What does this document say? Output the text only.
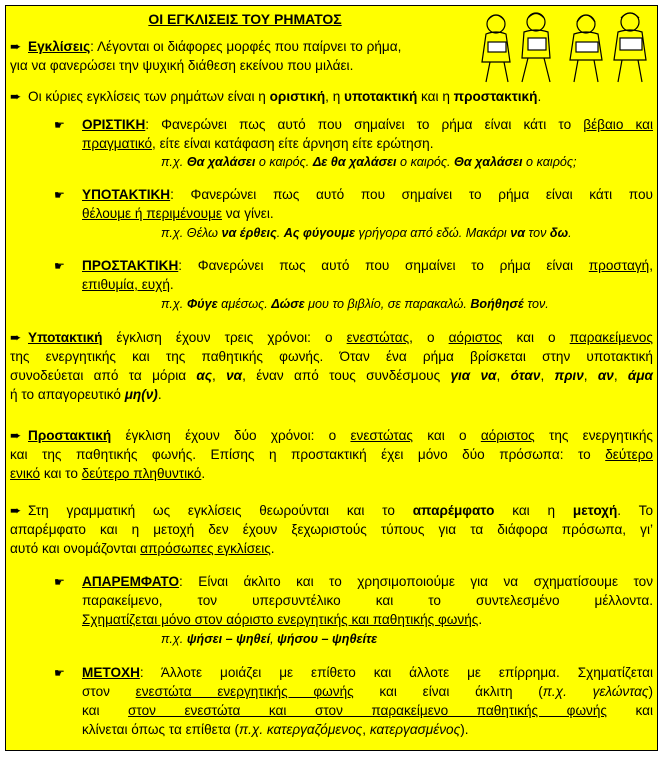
ΟΙ ΕΓΚΛΙΣΕΙΣ ΤΟΥ ΡΗΜΑΤΟΣ
➨ Εγκλίσεις: Λέγονται οι διάφορες μορφές που παίρνει το ρήμα,
για να φανερώσει την ψυχική διάθεση εκείνου που μιλάει.
➨ Οι κύριες εγκλίσεις των ρημάτων είναι η οριστική, η υποτακτική και η προστακτική.
☛ ΟΡΙΣΤΙΚΗ: Φανερώνει πως αυτό που σημαίνει το ρήμα είναι κάτι το βέβαιο και
πραγματικό, είτε είναι κατάφαση είτε άρνηση είτε ερώτηση.
π.χ. Θα χαλάσει ο καιρός. Δε θα χαλάσει ο καιρός. Θα χαλάσει ο καιρός;
☛ ΥΠΟΤΑΚΤΙΚΗ: Φανερώνει πως αυτό που σημαίνει το ρήμα είναι κάτι που
θέλουμε ή περιμένουμε να γίνει.
π.χ. Θέλω να έρθεις. Ας φύγουμε γρήγορα από εδώ. Μακάρι να τον δω.
☛ ΠΡΟΣΤΑΚΤΙΚΗ: Φανερώνει πως αυτό που σημαίνει το ρήμα είναι προσταγή,
επιθυμία, ευχή.
π.χ. Φύγε αμέσως. Δώσε μου το βιβλίο, σε παρακαλώ. Βοήθησέ τον.
➨ Υποτακτική έγκλιση έχουν τρεις χρόνοι: ο ενεστώτας, ο αόριστος και ο παρακείμενος
της ενεργητικής και της παθητικής φωνής. Όταν ένα ρήμα βρίσκεται στην υποτακτική
συνοδεύεται από τα μόρια ας, να, έναν από τους συνδέσμους για να, όταν, πριν, αν, άμα
ή το απαγορευτικό μη(ν).
➨ Προστακτική έγκλιση έχουν δύο χρόνοι: ο ενεστώτας και ο αόριστος της ενεργητικής
και της παθητικής φωνής. Επίσης η προστακτική έχει μόνο δύο πρόσωπα: το δεύτερο
ενικό και το δεύτερο πληθυντικό.
➨ Στη γραμματική ως εγκλίσεις θεωρούνται και το απαρέμφατο και η μετοχή. Το
απαρέμφατο και η μετοχή δεν έχουν ξεχωριστούς τύπους για τα διάφορα πρόσωπα, γι’
αυτό και ονομάζονται απρόσωπες εγκλίσεις.
☛ ΑΠΑΡΕΜΦΑΤΟ: Είναι άκλιτο και το χρησιμοποιούμε για να σχηματίσουμε τον
παρακείμενο, τον υπερσυντέλικο και το συντελεσμένο μέλλοντα.
Σχηματίζεται μόνο στον αόριστο ενεργητικής και παθητικής φωνής.
π.χ. ψήσει – ψηθεί, ψήσου – ψηθείτε
☛ ΜΕΤΟΧΗ: Άλλοτε μοιάζει με επίθετο και άλλοτε με επίρρημα. Σχηματίζεται
στον ενεστώτα ενεργητικής φωνής και είναι άκλιτη (π.χ. γελώντας)
και στον ενεστώτα και στον παρακείμενο παθητικής φωνής και
κλίνεται όπως τα επίθετα (π.χ. κατεργαζόμενος, κατεργασμένος).
